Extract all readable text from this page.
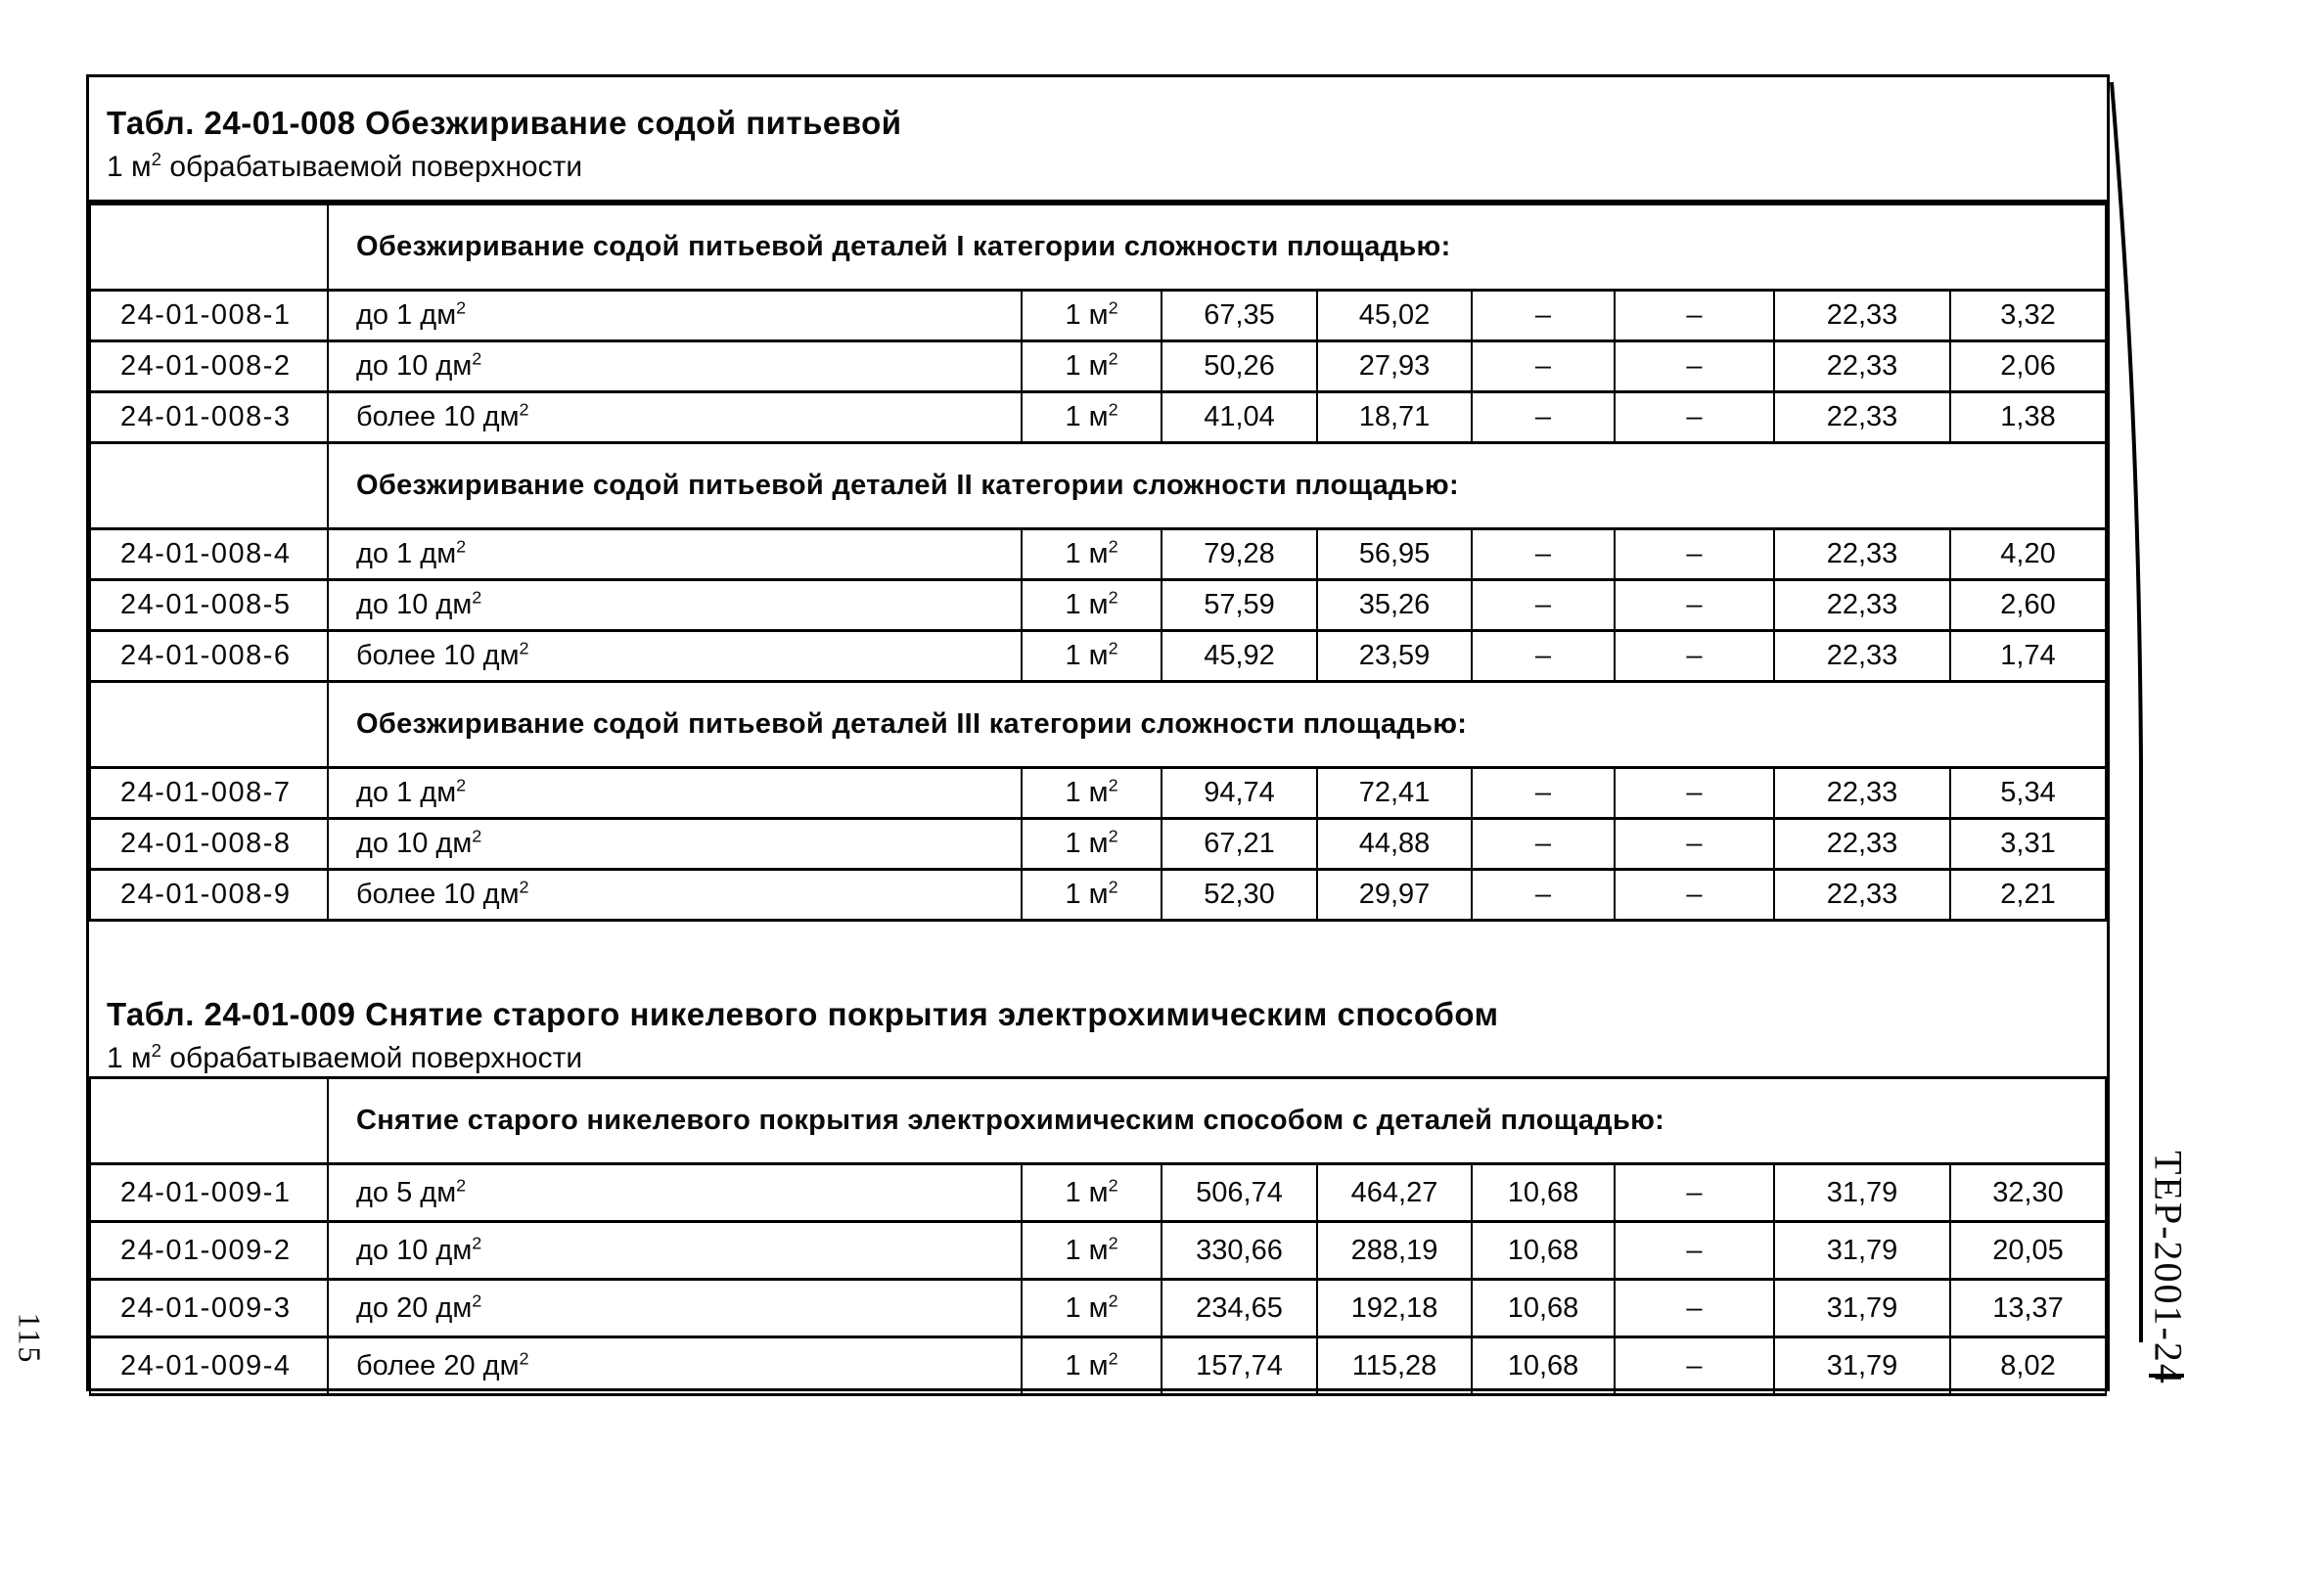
Табл. 24-01-008 Обезжиривание содой питьевой
1 $м^2$ обрабатываемой поверхности
	Обезжиривание содой питьевой деталей I категории сложности площадью:							
24-01-008-1	до 1 $дм^2$	1 $м^2$	67,35	45,02	–	–	22,33	3,32
24-01-008-2	до 10 $дм^2$	1 $м^2$	50,26	27,93	–	–	22,33	2,06
24-01-008-3	более 10 $дм^2$	1 $м^2$	41,04	18,71	–	–	22,33	1,38
	Обезжиривание содой питьевой деталей II категории сложности площадью:							
24-01-008-4	до 1 $дм^2$	1 $м^2$	79,28	56,95	–	–	22,33	4,20
24-01-008-5	до 10 $дм^2$	1 $м^2$	57,59	35,26	–	–	22,33	2,60
24-01-008-6	более 10 $дм^2$	1 $м^2$	45,92	23,59	–	–	22,33	1,74
	Обезжиривание содой питьевой деталей III категории сложности площадью:							
24-01-008-7	до 1 $дм^2$	1 $м^2$	94,74	72,41	–	–	22,33	5,34
24-01-008-8	до 10 $дм^2$	1 $м^2$	67,21	44,88	–	–	22,33	3,31
24-01-008-9	более 10 $дм^2$	1 $м^2$	52,30	29,97	–	–	22,33	2,21
Табл. 24-01-009 Снятие старого никелевого покрытия электрохимическим способом
1 $м^2$ обрабатываемой поверхности
	Снятие старого никелевого покрытия электрохимическим способом с деталей площадью:							
24-01-009-1	до 5 $дм^2$	1 $м^2$	506,74	464,27	10,68	–	31,79	32,30
24-01-009-2	до 10 $дм^2$	1 $м^2$	330,66	288,19	10,68	–	31,79	20,05
24-01-009-3	до 20 $дм^2$	1 $м^2$	234,65	192,18	10,68	–	31,79	13,37
24-01-009-4	более 20 $дм^2$	1 $м^2$	157,74	115,28	10,68	–	31,79	8,02 ТЕР-2001-24
115
